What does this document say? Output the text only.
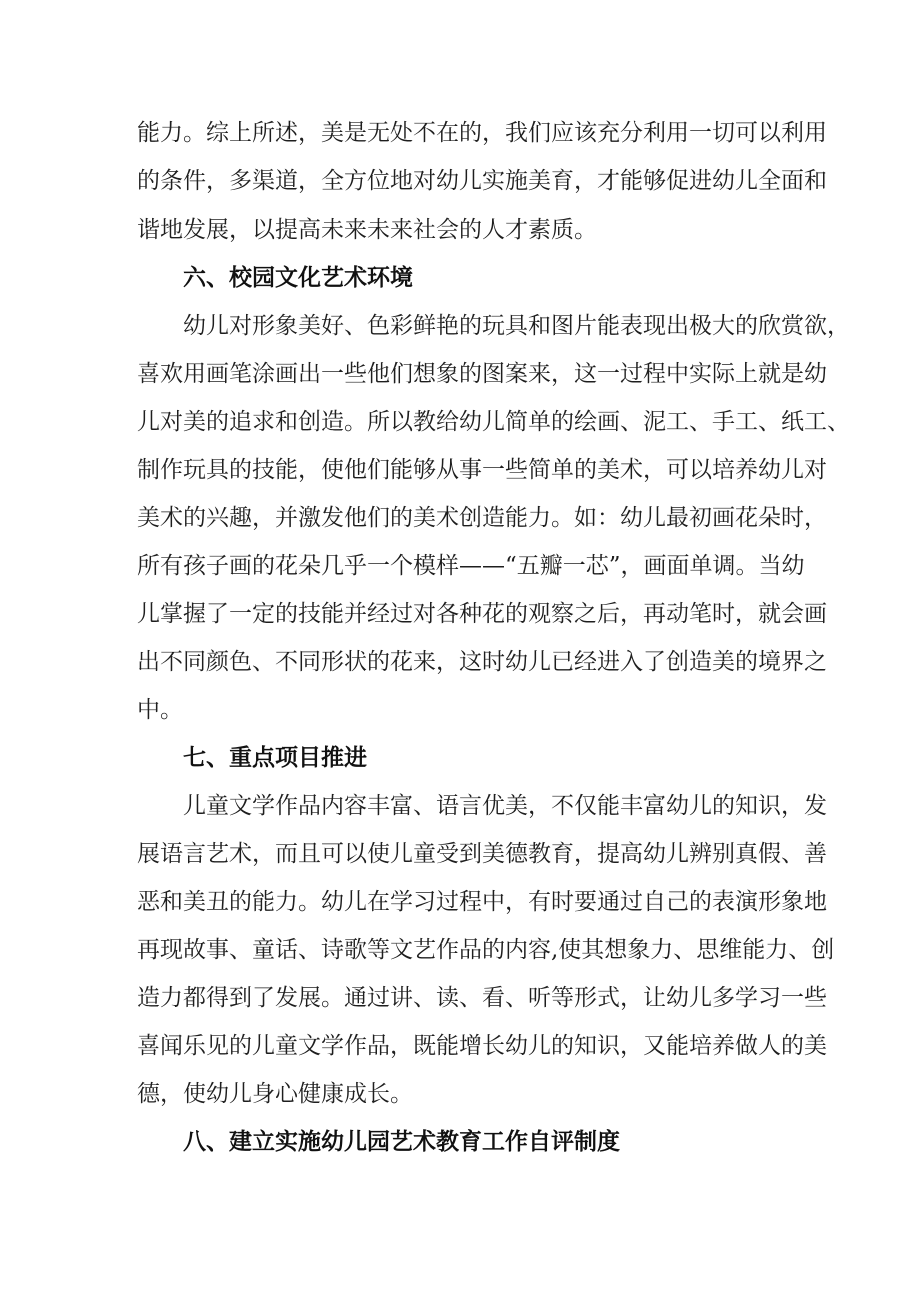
能力。综上所述，美是无处不在的，我们应该充分利用一切可以利用

的条件，多渠道，全方位地对幼儿实施美育，才能够促进幼儿全面和

谐地发展，以提高未来未来社会的人才素质。

六、校园文化艺术环境

幼儿对形象美好、色彩鲜艳的玩具和图片能表现出极大的欣赏欲，

喜欢用画笔涂画出一些他们想象的图案来，这一过程中实际上就是幼

儿对美的追求和创造。所以教给幼儿简单的绘画、泥工、手工、纸工、

制作玩具的技能，使他们能够从事一些简单的美术，可以培养幼儿对

美术的兴趣，并激发他们的美术创造能力。如：幼儿最初画花朵时，

所有孩子画的花朵几乎一个模样——“五瓣一芯”，画面单调。当幼

儿掌握了一定的技能并经过对各种花的观察之后，再动笔时，就会画

出不同颜色、不同形状的花来，这时幼儿已经进入了创造美的境界之

中。

七、重点项目推进

儿童文学作品内容丰富、语言优美，不仅能丰富幼儿的知识，发

展语言艺术，而且可以使儿童受到美德教育，提高幼儿辨别真假、善

恶和美丑的能力。幼儿在学习过程中，有时要通过自己的表演形象地

再现故事、童话、诗歌等文艺作品的内容,使其想象力、思维能力、创

造力都得到了发展。通过讲、读、看、听等形式，让幼儿多学习一些

喜闻乐见的儿童文学作品，既能增长幼儿的知识，又能培养做人的美

德，使幼儿身心健康成长。

八、建立实施幼儿园艺术教育工作自评制度
